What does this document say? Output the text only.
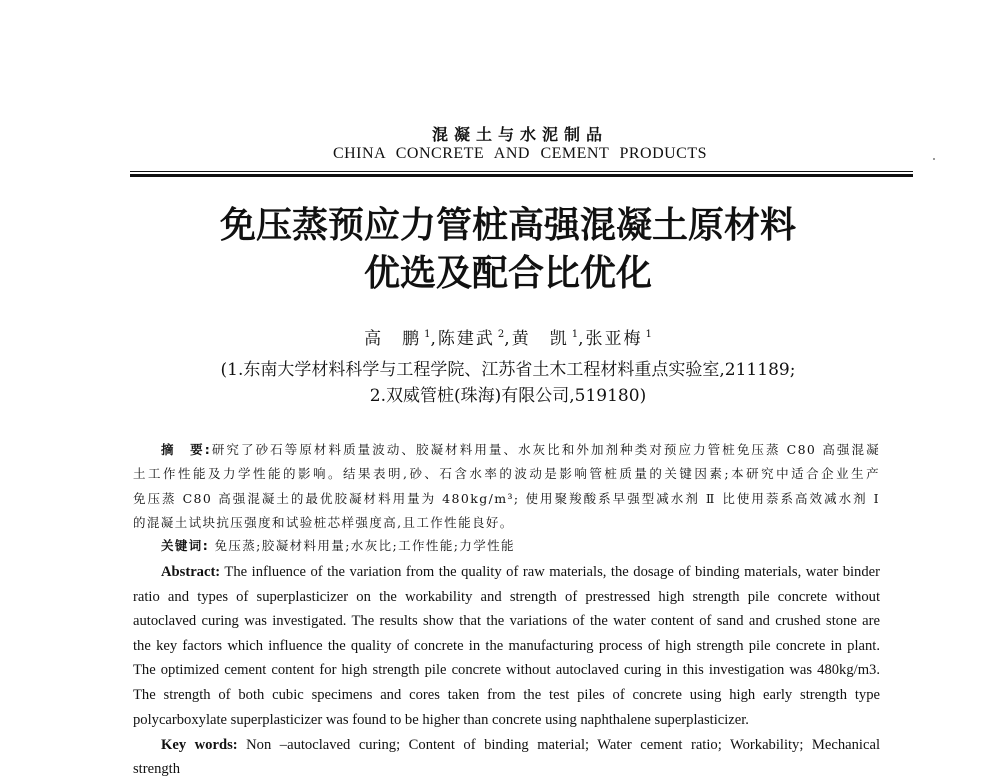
混凝土与水泥制品
CHINA CONCRETE AND CEMENT PRODUCTS
免压蒸预应力管桩高强混凝土原材料
优选及配合比优化
高　鹏 $^1$,陈建武 $^2$,黄　凯 $^1$,张亚梅 $^1$
(1.东南大学材料科学与工程学院、江苏省土木工程材料重点实验室,211189;
2.双威管桩(珠海)有限公司,519180)
摘　要:研究了砂石等原材料质量波动、胶凝材料用量、水灰比和外加剂种类对预应力管桩免压蒸 C80 高强混凝
土工作性能及力学性能的影响。结果表明,砂、石含水率的波动是影响管桩质量的关键因素;本研究中适合企业生产
免压蒸 C80 高强混凝土的最优胶凝材料用量为 480kg/m³; 使用聚羧酸系早强型减水剂 Ⅱ 比使用萘系高效减水剂 Ⅰ
的混凝土试块抗压强度和试验桩芯样强度高,且工作性能良好。
关键词: 免压蒸;胶凝材料用量;水灰比;工作性能;力学性能
Abstract: The influence of the variation from the quality of raw materials, the dosage of binding materials, water binder
ratio and types of superplasticizer on the workability and strength of prestressed high strength pile concrete without
autoclaved curing was investigated. The results show that the variations of the water content of sand and crushed stone are
the key factors which influence the quality of concrete in the manufacturing process of high strength pile concrete in plant.
The optimized cement content for high strength pile concrete without autoclaved curing in this investigation was 480kg/m3.
The strength of both cubic specimens and cores taken from the test piles of concrete using high early strength type
polycarboxylate superplasticizer was found to be higher than concrete using naphthalene superplasticizer.
Key words: Non –autoclaved curing; Content of binding material; Water cement ratio; Workability; Mechanical
strength
